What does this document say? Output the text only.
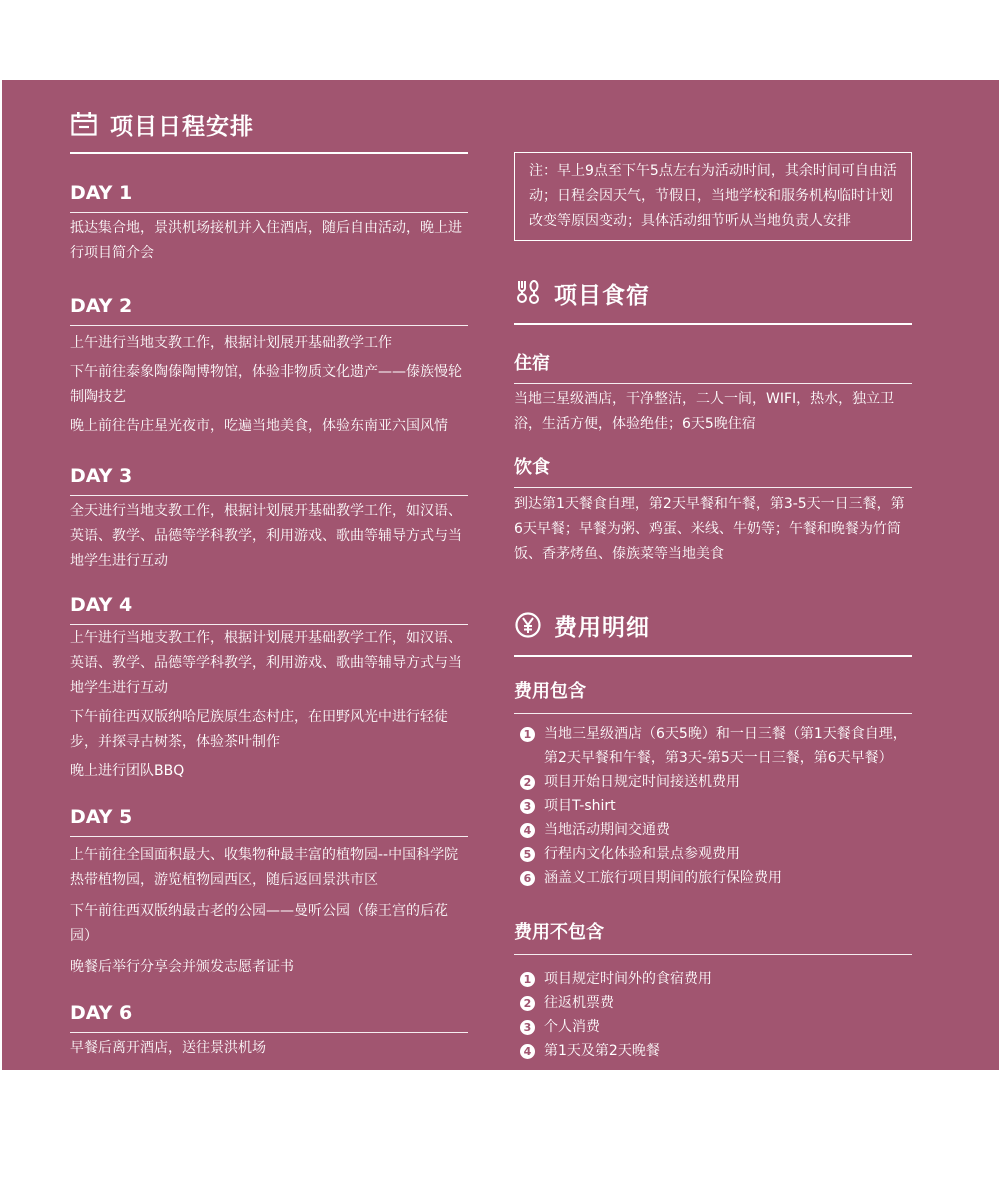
项目日程安排
DAY 1

抵达集合地，景洪机场接机并入住酒店，随后自由活动，晚上进行项目简介会

DAY 2

上午进行当地支教工作，根据计划展开基础教学工作

下午前往泰象陶傣陶博物馆，体验非物质文化遗产——傣族慢轮制陶技艺

晚上前往告庄星光夜市，吃遍当地美食，体验东南亚六国风情

DAY 3

全天进行当地支教工作，根据计划展开基础教学工作，如汉语、英语、教学、品德等学科教学，利用游戏、歌曲等辅导方式与当地学生进行互动

DAY 4

上午进行当地支教工作，根据计划展开基础教学工作，如汉语、英语、教学、品德等学科教学，利用游戏、歌曲等辅导方式与当地学生进行互动

下午前往西双版纳哈尼族原生态村庄，在田野风光中进行轻徒步，并探寻古树茶，体验茶叶制作

晚上进行团队BBQ

DAY 5

上午前往全国面积最大、收集物种最丰富的植物园--中国科学院热带植物园，游览植物园西区，随后返回景洪市区

下午前往西双版纳最古老的公园——曼听公园（傣王宫的后花园）

晚餐后举行分享会并颁发志愿者证书

DAY 6

早餐后离开酒店，送往景洪机场

注：早上9点至下午5点左右为活动时间，其余时间可自由活动；日程会因天气，节假日，当地学校和服务机构临时计划改变等原因变动；具体活动细节听从当地负责人安排
项目食宿
住宿

当地三星级酒店，干净整洁，二人一间，WIFI，热水，独立卫浴，生活方便，体验绝佳；6天5晚住宿

饮食

到达第1天餐食自理，第2天早餐和午餐，第3-5天一日三餐，第6天早餐；早餐为粥、鸡蛋、米线、牛奶等；午餐和晚餐为竹筒饭、香茅烤鱼、傣族菜等当地美食

费用明细
费用包含
1 当地三星级酒店（6天5晚）和一日三餐（第1天餐食自理，第2天早餐和午餐，第3天-第5天一日三餐，第6天早餐）
2 项目开始日规定时间接送机费用
3 项目T-shirt
4 当地活动期间交通费
5 行程内文化体验和景点参观费用
6 涵盖义工旅行项目期间的旅行保险费用
费用不包含
1 项目规定时间外的食宿费用
2 往返机票费
3 个人消费
4 第1天及第2天晚餐
